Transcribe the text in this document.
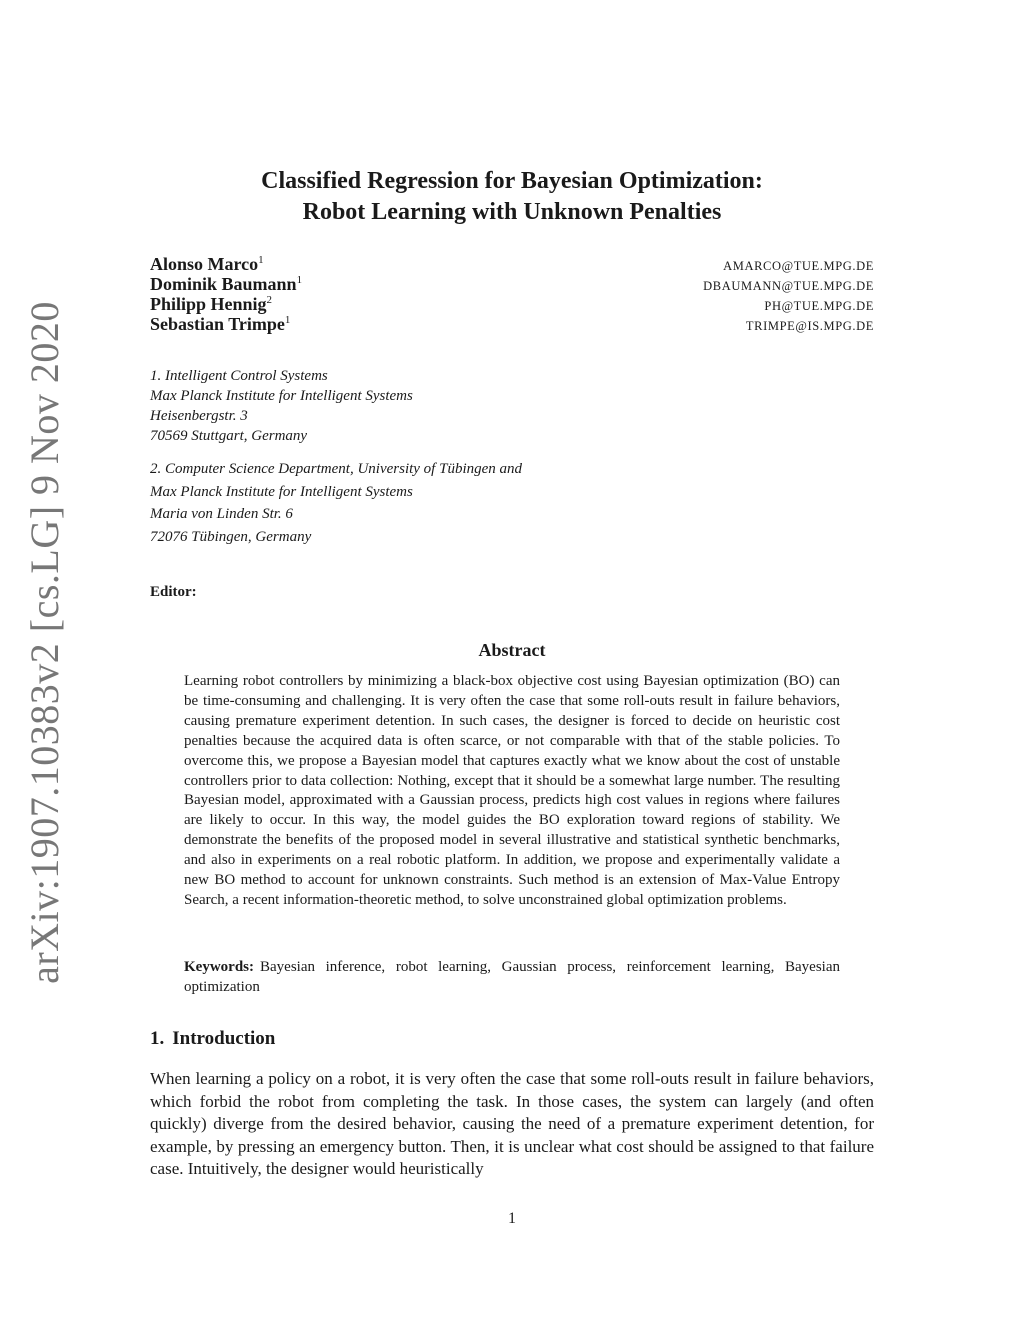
arXiv:1907.10383v2 [cs.LG] 9 Nov 2020
Classified Regression for Bayesian Optimization:
Robot Learning with Unknown Penalties
Alonso Marco$^1$	AMARCO@TUE.MPG.DE
Dominik Baumann$^1$	DBAUMANN@TUE.MPG.DE
Philipp Hennig$^2$	PH@TUE.MPG.DE
Sebastian Trimpe$^1$	TRIMPE@IS.MPG.DE
1. Intelligent Control Systems
Max Planck Institute for Intelligent Systems
Heisenbergstr. 3
70569 Stuttgart, Germany
2. Computer Science Department, University of Tübingen and
Max Planck Institute for Intelligent Systems
Maria von Linden Str. 6
72076 Tübingen, Germany
Editor:
Abstract
Learning robot controllers by minimizing a black-box objective cost using Bayesian optimization (BO) can be time-consuming and challenging. It is very often the case that some roll-outs result in failure behaviors, causing premature experiment detention. In such cases, the designer is forced to decide on heuristic cost penalties because the acquired data is often scarce, or not comparable with that of the stable policies. To overcome this, we propose a Bayesian model that captures exactly what we know about the cost of unstable controllers prior to data collection: Nothing, except that it should be a somewhat large number. The resulting Bayesian model, approximated with a Gaussian process, predicts high cost values in regions where failures are likely to occur. In this way, the model guides the BO exploration toward regions of stability. We demonstrate the benefits of the proposed model in several illustrative and statistical synthetic benchmarks, and also in experiments on a real robotic platform. In addition, we propose and experimentally validate a new BO method to account for unknown constraints. Such method is an extension of Max-Value Entropy Search, a recent information-theoretic method, to solve unconstrained global optimization problems.
Keywords: Bayesian inference, robot learning, Gaussian process, reinforcement learning, Bayesian optimization
1. Introduction
When learning a policy on a robot, it is very often the case that some roll-outs result in failure behaviors, which forbid the robot from completing the task. In those cases, the system can largely (and often quickly) diverge from the desired behavior, causing the need of a premature experiment detention, for example, by pressing an emergency button. Then, it is unclear what cost should be assigned to that failure case. Intuitively, the designer would heuristically
1
